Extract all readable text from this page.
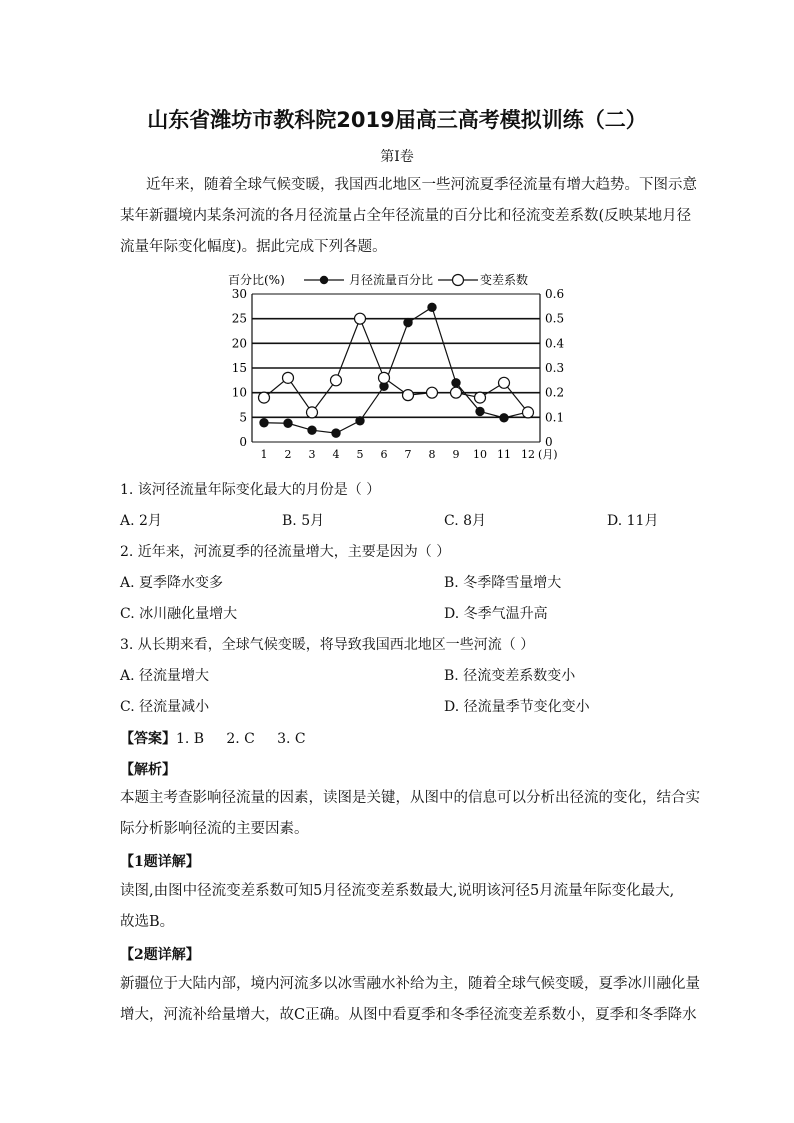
山东省潍坊市教科院2019届高三高考模拟训练（二）
第Ⅰ卷
近年来，随着全球气候变暖，我国西北地区一些河流夏季径流量有增大趋势。下图示意
某年新疆境内某条河流的各月径流量占全年径流量的百分比和径流变差系数(反映某地月径
流量年际变化幅度)。据此完成下列各题。
0
5
10
15
20
25
30
0
0.1
0.2
0.3
0.4
0.5
0.6
1 2 3 4 5 6 7 8 9 10 11 12 (月)
百分比(%)	月径流量百分比	变差系数
1. 该河径流量年际变化最大的月份是（ ）
A. 2月	B. 5月	C. 8月	D. 11月
2. 近年来，河流夏季的径流量增大，主要是因为（ ）
A. 夏季降水变多	B. 冬季降雪量增大
C. 冰川融化量增大	D. 冬季气温升高
3. 从长期来看，全球气候变暖，将导致我国西北地区一些河流（ ）
A. 径流量增大	B. 径流变差系数变小
C. 径流量减小	D. 径流量季节变化变小
【答案】1. B     2. C     3. C
【解析】
本题主考查影响径流量的因素，读图是关键，从图中的信息可以分析出径流的变化，结合实
际分析影响径流的主要因素。
【1题详解】
读图,由图中径流变差系数可知5月径流变差系数最大,说明该河径5月流量年际变化最大,
故选B。
【2题详解】
新疆位于大陆内部，境内河流多以冰雪融水补给为主，随着全球气候变暖，夏季冰川融化量
增大，河流补给量增大，故C正确。从图中看夏季和冬季径流变差系数小，夏季和冬季降水
